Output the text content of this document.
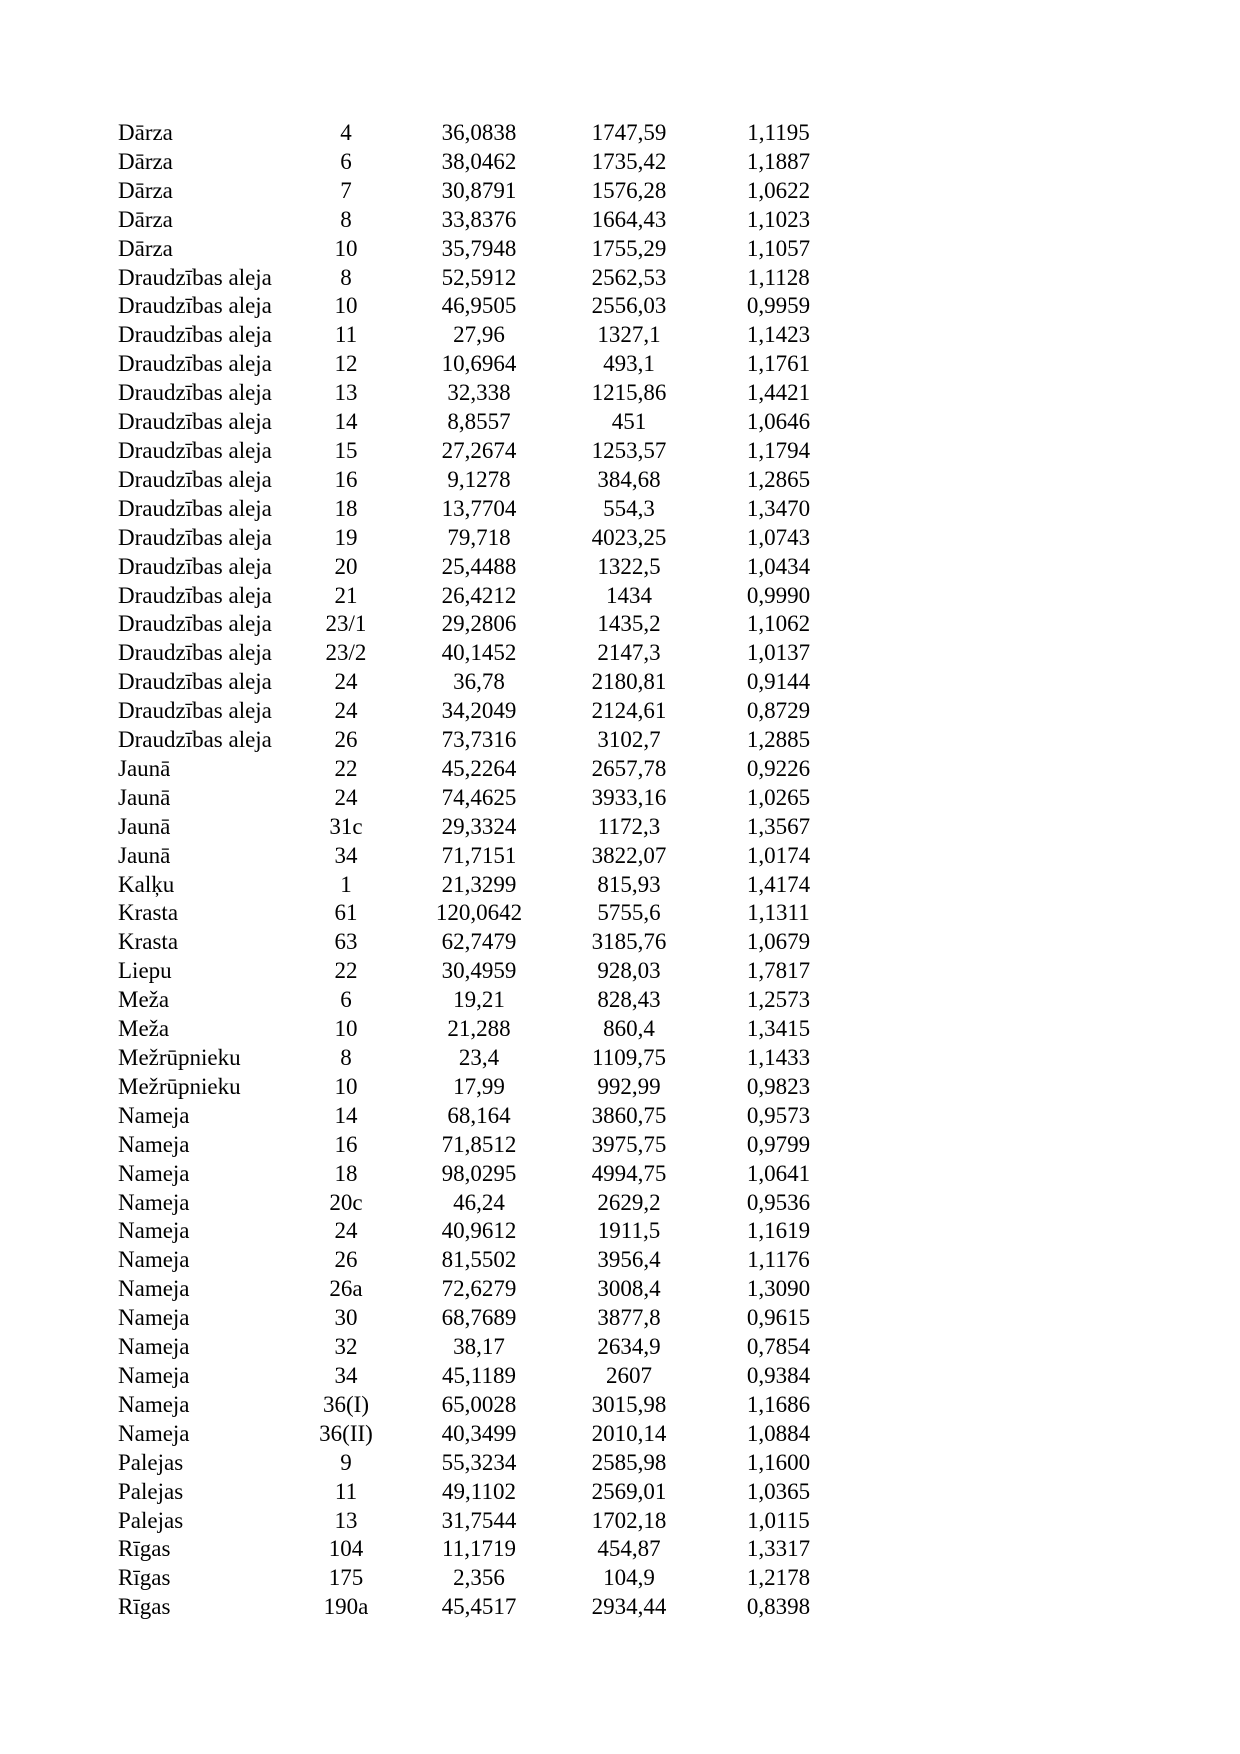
Dārza	4	36,0838	1747,59	1,1195
Dārza	6	38,0462	1735,42	1,1887
Dārza	7	30,8791	1576,28	1,0622
Dārza	8	33,8376	1664,43	1,1023
Dārza	10	35,7948	1755,29	1,1057
Draudzības aleja	8	52,5912	2562,53	1,1128
Draudzības aleja	10	46,9505	2556,03	0,9959
Draudzības aleja	11	27,96	1327,1	1,1423
Draudzības aleja	12	10,6964	493,1	1,1761
Draudzības aleja	13	32,338	1215,86	1,4421
Draudzības aleja	14	8,8557	451	1,0646
Draudzības aleja	15	27,2674	1253,57	1,1794
Draudzības aleja	16	9,1278	384,68	1,2865
Draudzības aleja	18	13,7704	554,3	1,3470
Draudzības aleja	19	79,718	4023,25	1,0743
Draudzības aleja	20	25,4488	1322,5	1,0434
Draudzības aleja	21	26,4212	1434	0,9990
Draudzības aleja	23/1	29,2806	1435,2	1,1062
Draudzības aleja	23/2	40,1452	2147,3	1,0137
Draudzības aleja	24	36,78	2180,81	0,9144
Draudzības aleja	24	34,2049	2124,61	0,8729
Draudzības aleja	26	73,7316	3102,7	1,2885
Jaunā	22	45,2264	2657,78	0,9226
Jaunā	24	74,4625	3933,16	1,0265
Jaunā	31c	29,3324	1172,3	1,3567
Jaunā	34	71,7151	3822,07	1,0174
Kalķu	1	21,3299	815,93	1,4174
Krasta	61	120,0642	5755,6	1,1311
Krasta	63	62,7479	3185,76	1,0679
Liepu	22	30,4959	928,03	1,7817
Meža	6	19,21	828,43	1,2573
Meža	10	21,288	860,4	1,3415
Mežrūpnieku	8	23,4	1109,75	1,1433
Mežrūpnieku	10	17,99	992,99	0,9823
Nameja	14	68,164	3860,75	0,9573
Nameja	16	71,8512	3975,75	0,9799
Nameja	18	98,0295	4994,75	1,0641
Nameja	20c	46,24	2629,2	0,9536
Nameja	24	40,9612	1911,5	1,1619
Nameja	26	81,5502	3956,4	1,1176
Nameja	26a	72,6279	3008,4	1,3090
Nameja	30	68,7689	3877,8	0,9615
Nameja	32	38,17	2634,9	0,7854
Nameja	34	45,1189	2607	0,9384
Nameja	36(I)	65,0028	3015,98	1,1686
Nameja	36(II)	40,3499	2010,14	1,0884
Palejas	9	55,3234	2585,98	1,1600
Palejas	11	49,1102	2569,01	1,0365
Palejas	13	31,7544	1702,18	1,0115
Rīgas	104	11,1719	454,87	1,3317
Rīgas	175	2,356	104,9	1,2178
Rīgas	190a	45,4517	2934,44	0,8398
